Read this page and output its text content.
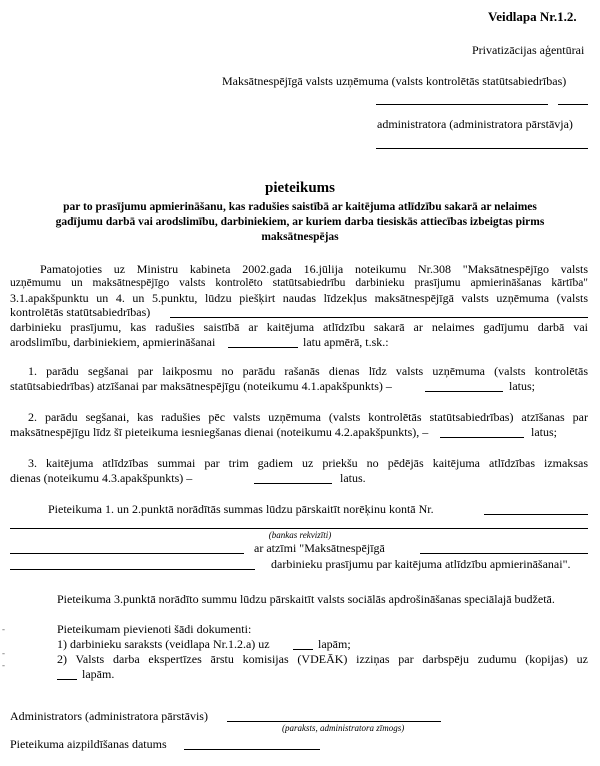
Veidlapa Nr.1.2.
Privatizācijas aģentūrai
Maksātnespējīgā valsts uzņēmuma (valsts kontrolētās statūtsabiedrības)
administratora (administratora pārstāvja)
pieteikums
par to prasījumu apmierināšanu, kas radušies saistībā ar kaitējuma atlīdzību sakarā ar nelaimes
gadījumu darbā vai arodslimību, darbiniekiem, ar kuriem darba tiesiskās attiecības izbeigtas pirms
maksātnespējas
Pamatojoties uz Ministru kabineta 2002.gada 16.jūlija noteikumu Nr.308 "Maksātnespējīgo valsts
uzņēmumu un maksātnespējīgo valsts kontrolēto statūtsabiedrību darbinieku prasījumu apmierināšanas kārtība"
3.1.apakšpunktu un 4. un 5.punktu, lūdzu piešķirt naudas līdzekļus maksātnespējīgā valsts uzņēmuma (valsts
kontrolētās statūtsabiedrības)
darbinieku prasījumu, kas radušies saistībā ar kaitējuma atlīdzību sakarā ar nelaimes gadījumu darbā vai
arodslimību, darbiniekiem, apmierināšanai	latu apmērā, t.sk.:
1. parādu segšanai par laikposmu no parādu rašanās dienas līdz valsts uzņēmuma (valsts kontrolētās
statūtsabiedrības) atzīšanai par maksātnespējīgu (noteikumu 4.1.apakšpunkts) –	latus;
2. parādu segšanai, kas radušies pēc valsts uzņēmuma (valsts kontrolētās statūtsabiedrības) atzīšanas par
maksātnespējīgu līdz šī pieteikuma iesniegšanas dienai (noteikumu 4.2.apakšpunkts), –	latus;
3. kaitējuma atlīdzības summai par trim gadiem uz priekšu no pēdējās kaitējuma atlīdzības izmaksas
dienas (noteikumu 4.3.apakšpunkts) –	latus.
Pieteikuma 1. un 2.punktā norādītās summas lūdzu pārskaitīt norēķinu kontā Nr.
(bankas rekvizīti)
ar atzīmi "Maksātnespējīgā
darbinieku prasījumu par kaitējuma atlīdzību apmierināšanai".
Pieteikuma 3.punktā norādīto summu lūdzu pārskaitīt valsts sociālās apdrošināšanas speciālajā budžetā.
-
-
-
Pieteikumam pievienoti šādi dokumenti:
1) darbinieku saraksts (veidlapa Nr.1.2.a) uz	lapām;
2) Valsts darba ekspertīzes ārstu komisijas (VDEĀK) izziņas par darbspēju zudumu (kopijas) uz
lapām.
Administrators (administratora pārstāvis)
(paraksts, administratora zīmogs)
Pieteikuma aizpildīšanas datums
